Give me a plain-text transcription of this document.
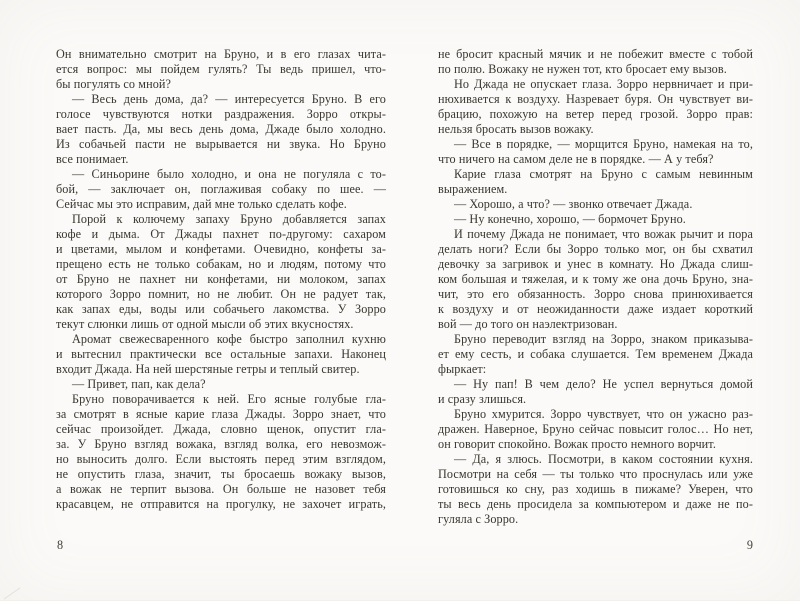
Он внимательно смотрит на Бруно, и в его глазах чита-
ется вопрос: мы пойдем гулять? Ты ведь пришел, что-
бы погулять со мной?
— Весь день дома, да? — интересуется Бруно. В его
голосе чувствуются нотки раздражения. Зорро откры-
вает пасть. Да, мы весь день дома, Джаде было холодно.
Из собачьей пасти не вырывается ни звука. Но Бруно
все понимает.
— Синьорине было холодно, и она не погуляла с то-
бой, — заключает он, поглаживая собаку по шее. —
Сейчас мы это исправим, дай мне только сделать кофе.
Порой к колючему запаху Бруно добавляется запах
кофе и дыма. От Джады пахнет по-другому: сахаром
и цветами, мылом и конфетами. Очевидно, конфеты за-
прещено есть не только собакам, но и людям, потому что
от Бруно не пахнет ни конфетами, ни молоком, запах
которого Зорро помнит, но не любит. Он не радует так,
как запах еды, воды или собачьего лакомства. У Зорро
текут слюнки лишь от одной мысли об этих вкусностях.
Аромат свежесваренного кофе быстро заполнил кухню
и вытеснил практически все остальные запахи. Наконец
входит Джада. На ней шерстяные гетры и теплый свитер.
— Привет, пап, как дела?
Бруно поворачивается к ней. Его ясные голубые гла-
за смотрят в ясные карие глаза Джады. Зорро знает, что
сейчас произойдет. Джада, словно щенок, опустит гла-
за. У Бруно взгляд вожака, взгляд волка, его невозмож-
но выносить долго. Если выстоять перед этим взглядом,
не опустить глаза, значит, ты бросаешь вожаку вызов,
а вожак не терпит вызова. Он больше не назовет тебя
красавцем, не отправится на прогулку, не захочет играть,
не бросит красный мячик и не побежит вместе с тобой
по полю. Вожаку не нужен тот, кто бросает ему вызов.
Но Джада не опускает глаза. Зорро нервничает и при-
нюхивается к воздуху. Назревает буря. Он чувствует ви-
брацию, похожую на ветер перед грозой. Зорро прав:
нельзя бросать вызов вожаку.
— Все в порядке, — морщится Бруно, намекая на то,
что ничего на самом деле не в порядке. — А у тебя?
Карие глаза смотрят на Бруно с самым невинным
выражением.
— Хорошо, а что? — звонко отвечает Джада.
— Ну конечно, хорошо, — бормочет Бруно.
И почему Джада не понимает, что вожак рычит и пора
делать ноги? Если бы Зорро только мог, он бы схватил
девочку за загривок и унес в комнату. Но Джада слиш-
ком большая и тяжелая, и к тому же она дочь Бруно, зна-
чит, это его обязанность. Зорро снова принюхивается
к воздуху и от неожиданности даже издает короткий
вой — до того он наэлектризован.
Бруно переводит взгляд на Зорро, знаком приказыва-
ет ему сесть, и собака слушается. Тем временем Джада
фыркает:
— Ну пап! В чем дело? Не успел вернуться домой
и сразу злишься.
Бруно хмурится. Зорро чувствует, что он ужасно раз-
дражен. Наверное, Бруно сейчас повысит голос… Но нет,
он говорит спокойно. Вожак просто немного ворчит.
— Да, я злюсь. Посмотри, в каком состоянии кухня.
Посмотри на себя — ты только что проснулась или уже
готовишься ко сну, раз ходишь в пижаме? Уверен, что
ты весь день просидела за компьютером и даже не по-
гуляла с Зорро.
8	9
